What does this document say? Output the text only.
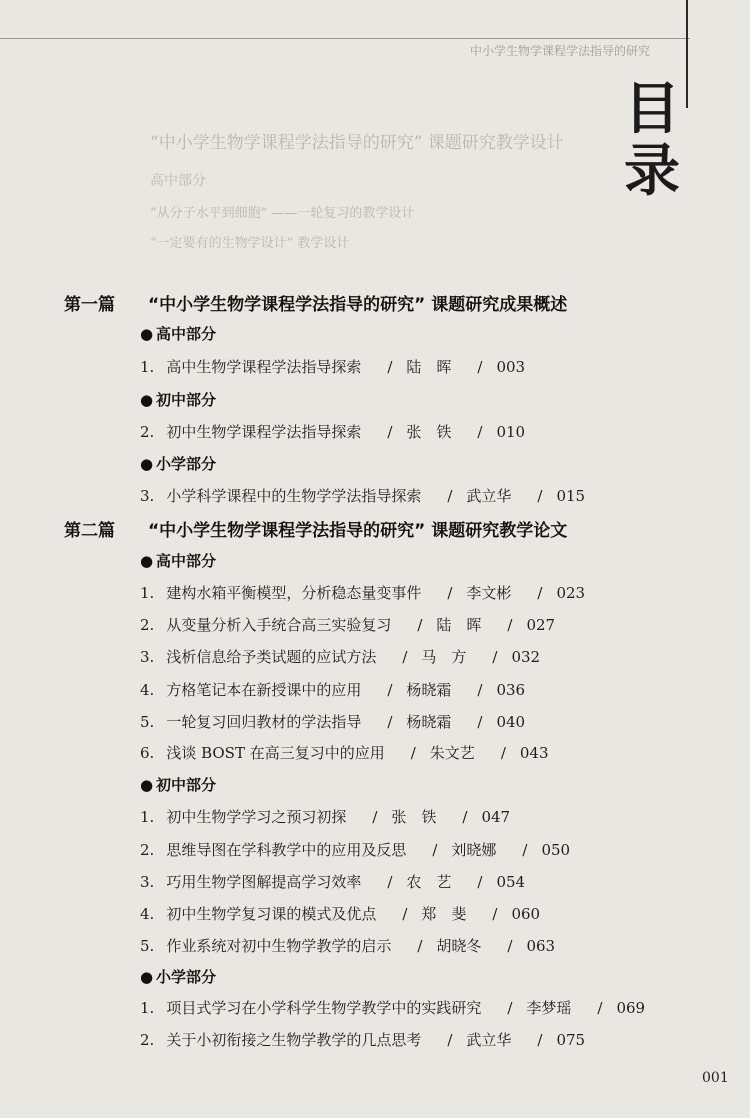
“中小学生物学课程学法指导的研究” 课题研究教学设计
高中部分
“从分子水平到细胞” ——一轮复习的教学设计
“一定要有的生物学设计” 教学设计
中小学生物学课程学法指导的研究
目
录
第一篇 “中小学生物学课程学法指导的研究” 课题研究成果概述
● 高中部分
1. 高中生物学课程学法指导探索 / 陆　晖 / 003
● 初中部分
2. 初中生物学课程学法指导探索 / 张　铁 / 010
● 小学部分
3. 小学科学课程中的生物学学法指导探索 / 武立华 / 015
第二篇 “中小学生物学课程学法指导的研究” 课题研究教学论文
● 高中部分
1. 建构水箱平衡模型，分析稳态量变事件 / 李文彬 / 023
2. 从变量分析入手统合高三实验复习 / 陆　晖 / 027
3. 浅析信息给予类试题的应试方法 / 马　方 / 032
4. 方格笔记本在新授课中的应用 / 杨晓霜 / 036
5. 一轮复习回归教材的学法指导 / 杨晓霜 / 040
6. 浅谈 BOST 在高三复习中的应用 / 朱文艺 / 043
● 初中部分
1. 初中生物学学习之预习初探 / 张　铁 / 047
2. 思维导图在学科教学中的应用及反思 / 刘晓娜 / 050
3. 巧用生物学图解提高学习效率 / 农　艺 / 054
4. 初中生物学复习课的模式及优点 / 郑　斐 / 060
5. 作业系统对初中生物学教学的启示 / 胡晓冬 / 063
● 小学部分
1. 项目式学习在小学科学生物学教学中的实践研究 / 李梦瑶 / 069
2. 关于小初衔接之生物学教学的几点思考 / 武立华 / 075
001
